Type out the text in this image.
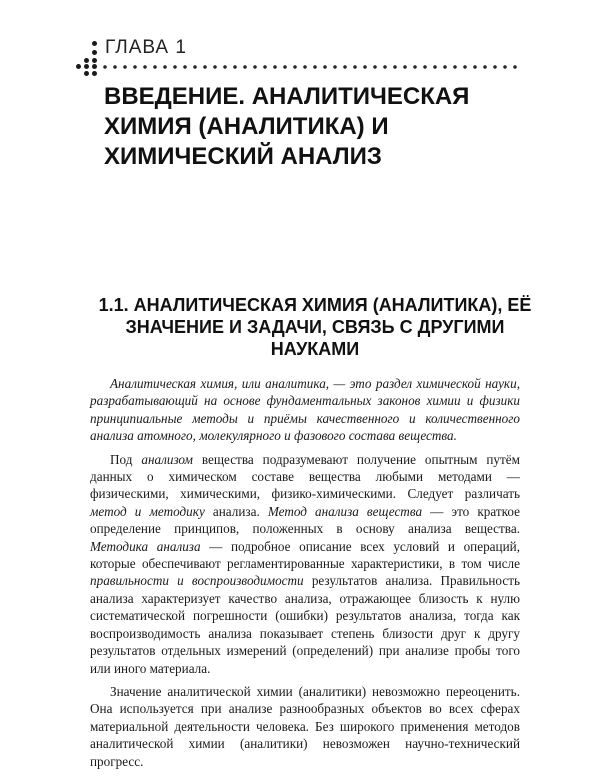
ГЛАВА 1
ВВЕДЕНИЕ. АНАЛИТИЧЕСКАЯ ХИМИЯ (АНАЛИТИКА) И ХИМИЧЕСКИЙ АНАЛИЗ
1.1. АНАЛИТИЧЕСКАЯ ХИМИЯ (АНАЛИТИКА), ЕЁ ЗНАЧЕНИЕ И ЗАДАЧИ, СВЯЗЬ С ДРУГИМИ НАУКАМИ

Аналитическая химия, или аналитика, — это раздел химической науки, разрабатывающий на основе фундаментальных законов химии и физики принципиальные методы и приёмы качественного и количественного анализа атомного, молекулярного и фазового состава вещества.

Под анализом вещества подразумевают получение опытным путём данных о химическом составе вещества любыми методами — физическими, химическими, физико-химическими. Следует различать метод и методику анализа. Метод анализа вещества — это краткое определение принципов, положенных в основу анализа вещества. Методика анализа — подробное описание всех условий и операций, которые обеспечивают регламентированные характеристики, в том числе правильности и воспроизводимости результатов анализа. Правильность анализа характеризует качество анализа, отражающее близость к нулю систематической погрешности (ошибки) результатов анализа, тогда как воспроизводимость анализа показывает степень близости друг к другу результатов отдельных измерений (определений) при анализе пробы того или иного материала.

Значение аналитической химии (аналитики) невозможно переоценить. Она используется при анализе разнообразных объектов во всех сферах материальной деятельности человека. Без широкого применения методов аналитической химии (аналитики) невозможен научно-технический прогресс.
